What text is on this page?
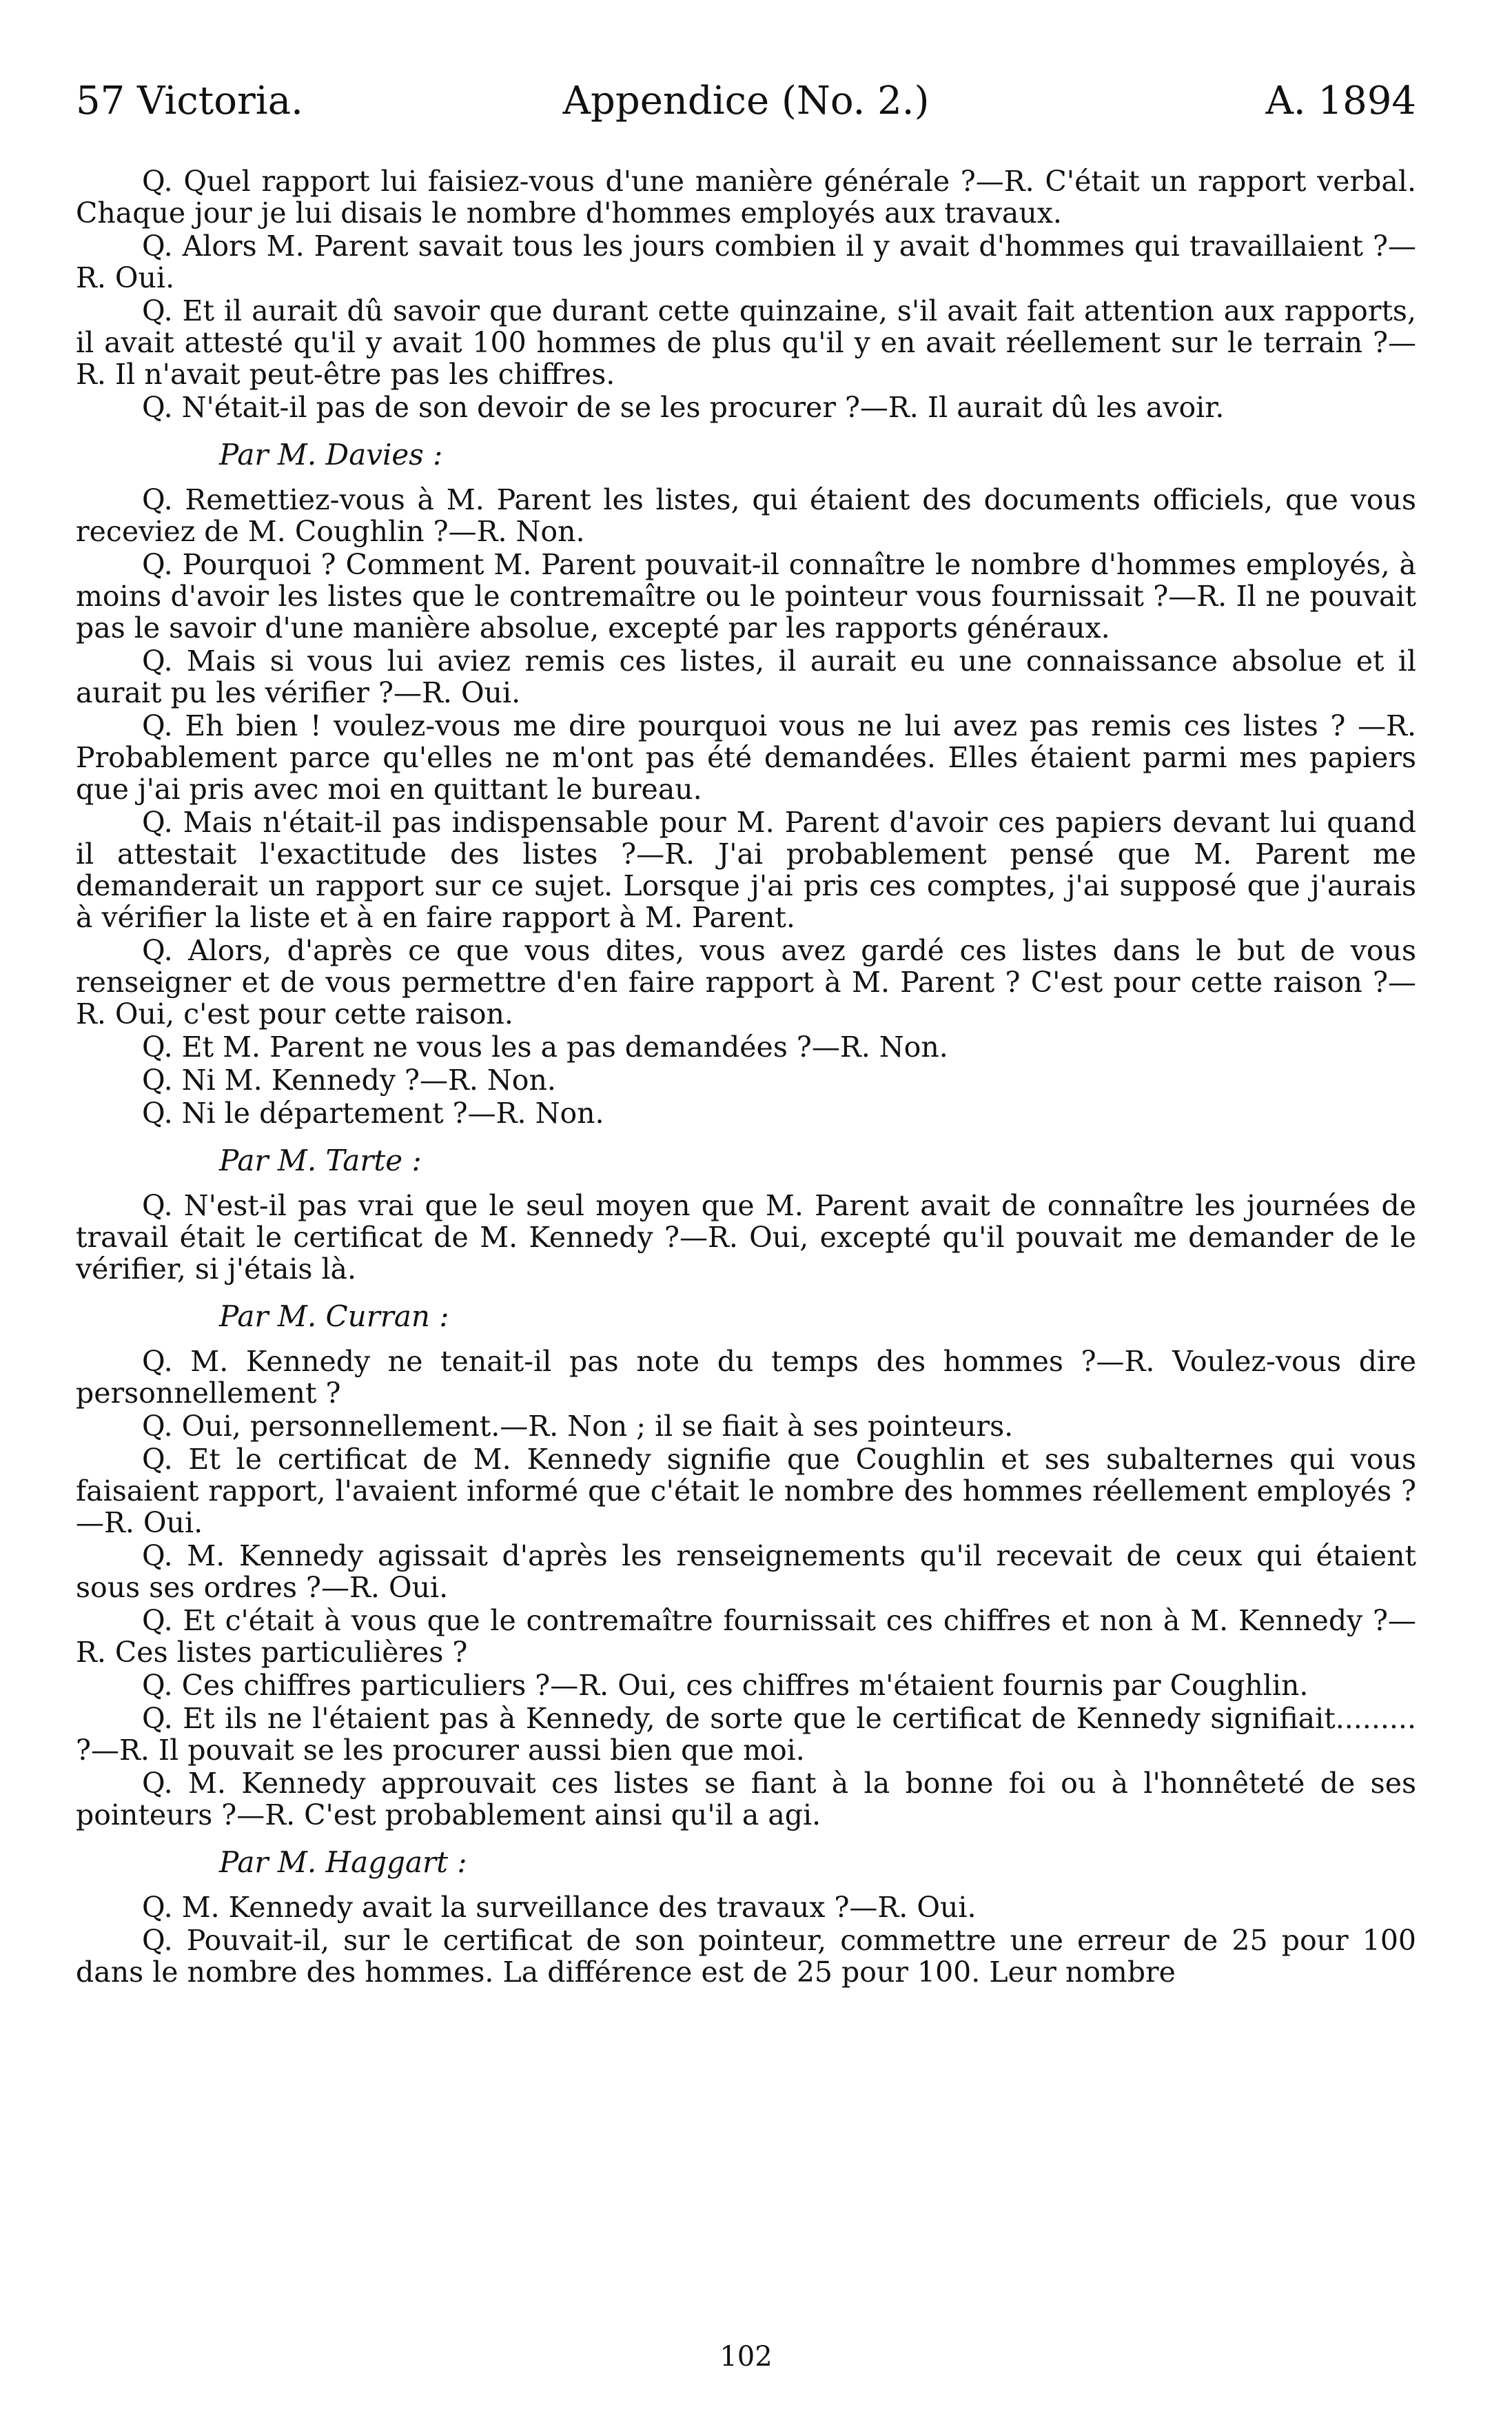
57 Victoria.	Appendice (No. 2.)	A. 1894

Q. Quel rapport lui faisiez-vous d'une manière générale ?—R. C'était un rapport verbal. Chaque jour je lui disais le nombre d'hommes employés aux travaux.

Q. Alors M. Parent savait tous les jours combien il y avait d'hommes qui travaillaient ?—R. Oui.

Q. Et il aurait dû savoir que durant cette quinzaine, s'il avait fait attention aux rapports, il avait attesté qu'il y avait 100 hommes de plus qu'il y en avait réellement sur le terrain ?—R. Il n'avait peut-être pas les chiffres.

Q. N'était-il pas de son devoir de se les procurer ?—R. Il aurait dû les avoir.

Par M. Davies :

Q. Remettiez-vous à M. Parent les listes, qui étaient des documents officiels, que vous receviez de M. Coughlin ?—R. Non.

Q. Pourquoi ? Comment M. Parent pouvait-il connaître le nombre d'hommes employés, à moins d'avoir les listes que le contremaître ou le pointeur vous fournissait ?—R. Il ne pouvait pas le savoir d'une manière absolue, excepté par les rapports généraux.

Q. Mais si vous lui aviez remis ces listes, il aurait eu une connaissance absolue et il aurait pu les vérifier ?—R. Oui.

Q. Eh bien ! voulez-vous me dire pourquoi vous ne lui avez pas remis ces listes ? —R. Probablement parce qu'elles ne m'ont pas été demandées. Elles étaient parmi mes papiers que j'ai pris avec moi en quittant le bureau.

Q. Mais n'était-il pas indispensable pour M. Parent d'avoir ces papiers devant lui quand il attestait l'exactitude des listes ?—R. J'ai probablement pensé que M. Parent me demanderait un rapport sur ce sujet. Lorsque j'ai pris ces comptes, j'ai supposé que j'aurais à vérifier la liste et à en faire rapport à M. Parent.

Q. Alors, d'après ce que vous dites, vous avez gardé ces listes dans le but de vous renseigner et de vous permettre d'en faire rapport à M. Parent ? C'est pour cette raison ?—R. Oui, c'est pour cette raison.

Q. Et M. Parent ne vous les a pas demandées ?—R. Non.

Q. Ni M. Kennedy ?—R. Non.

Q. Ni le département ?—R. Non.

Par M. Tarte :

Q. N'est-il pas vrai que le seul moyen que M. Parent avait de connaître les journées de travail était le certificat de M. Kennedy ?—R. Oui, excepté qu'il pouvait me demander de le vérifier, si j'étais là.

Par M. Curran :

Q. M. Kennedy ne tenait-il pas note du temps des hommes ?—R. Voulez-vous dire personnellement ?

Q. Oui, personnellement.—R. Non ; il se fiait à ses pointeurs.

Q. Et le certificat de M. Kennedy signifie que Coughlin et ses subalternes qui vous faisaient rapport, l'avaient informé que c'était le nombre des hommes réellement employés ?—R. Oui.

Q. M. Kennedy agissait d'après les renseignements qu'il recevait de ceux qui étaient sous ses ordres ?—R. Oui.

Q. Et c'était à vous que le contremaître fournissait ces chiffres et non à M. Kennedy ?—R. Ces listes particulières ?

Q. Ces chiffres particuliers ?—R. Oui, ces chiffres m'étaient fournis par Coughlin.

Q. Et ils ne l'étaient pas à Kennedy, de sorte que le certificat de Kennedy signifiait......... ?—R. Il pouvait se les procurer aussi bien que moi.

Q. M. Kennedy approuvait ces listes se fiant à la bonne foi ou à l'honnêteté de ses pointeurs ?—R. C'est probablement ainsi qu'il a agi.

Par M. Haggart :

Q. M. Kennedy avait la surveillance des travaux ?—R. Oui.

Q. Pouvait-il, sur le certificat de son pointeur, commettre une erreur de 25 pour 100 dans le nombre des hommes. La différence est de 25 pour 100. Leur nombre

102
